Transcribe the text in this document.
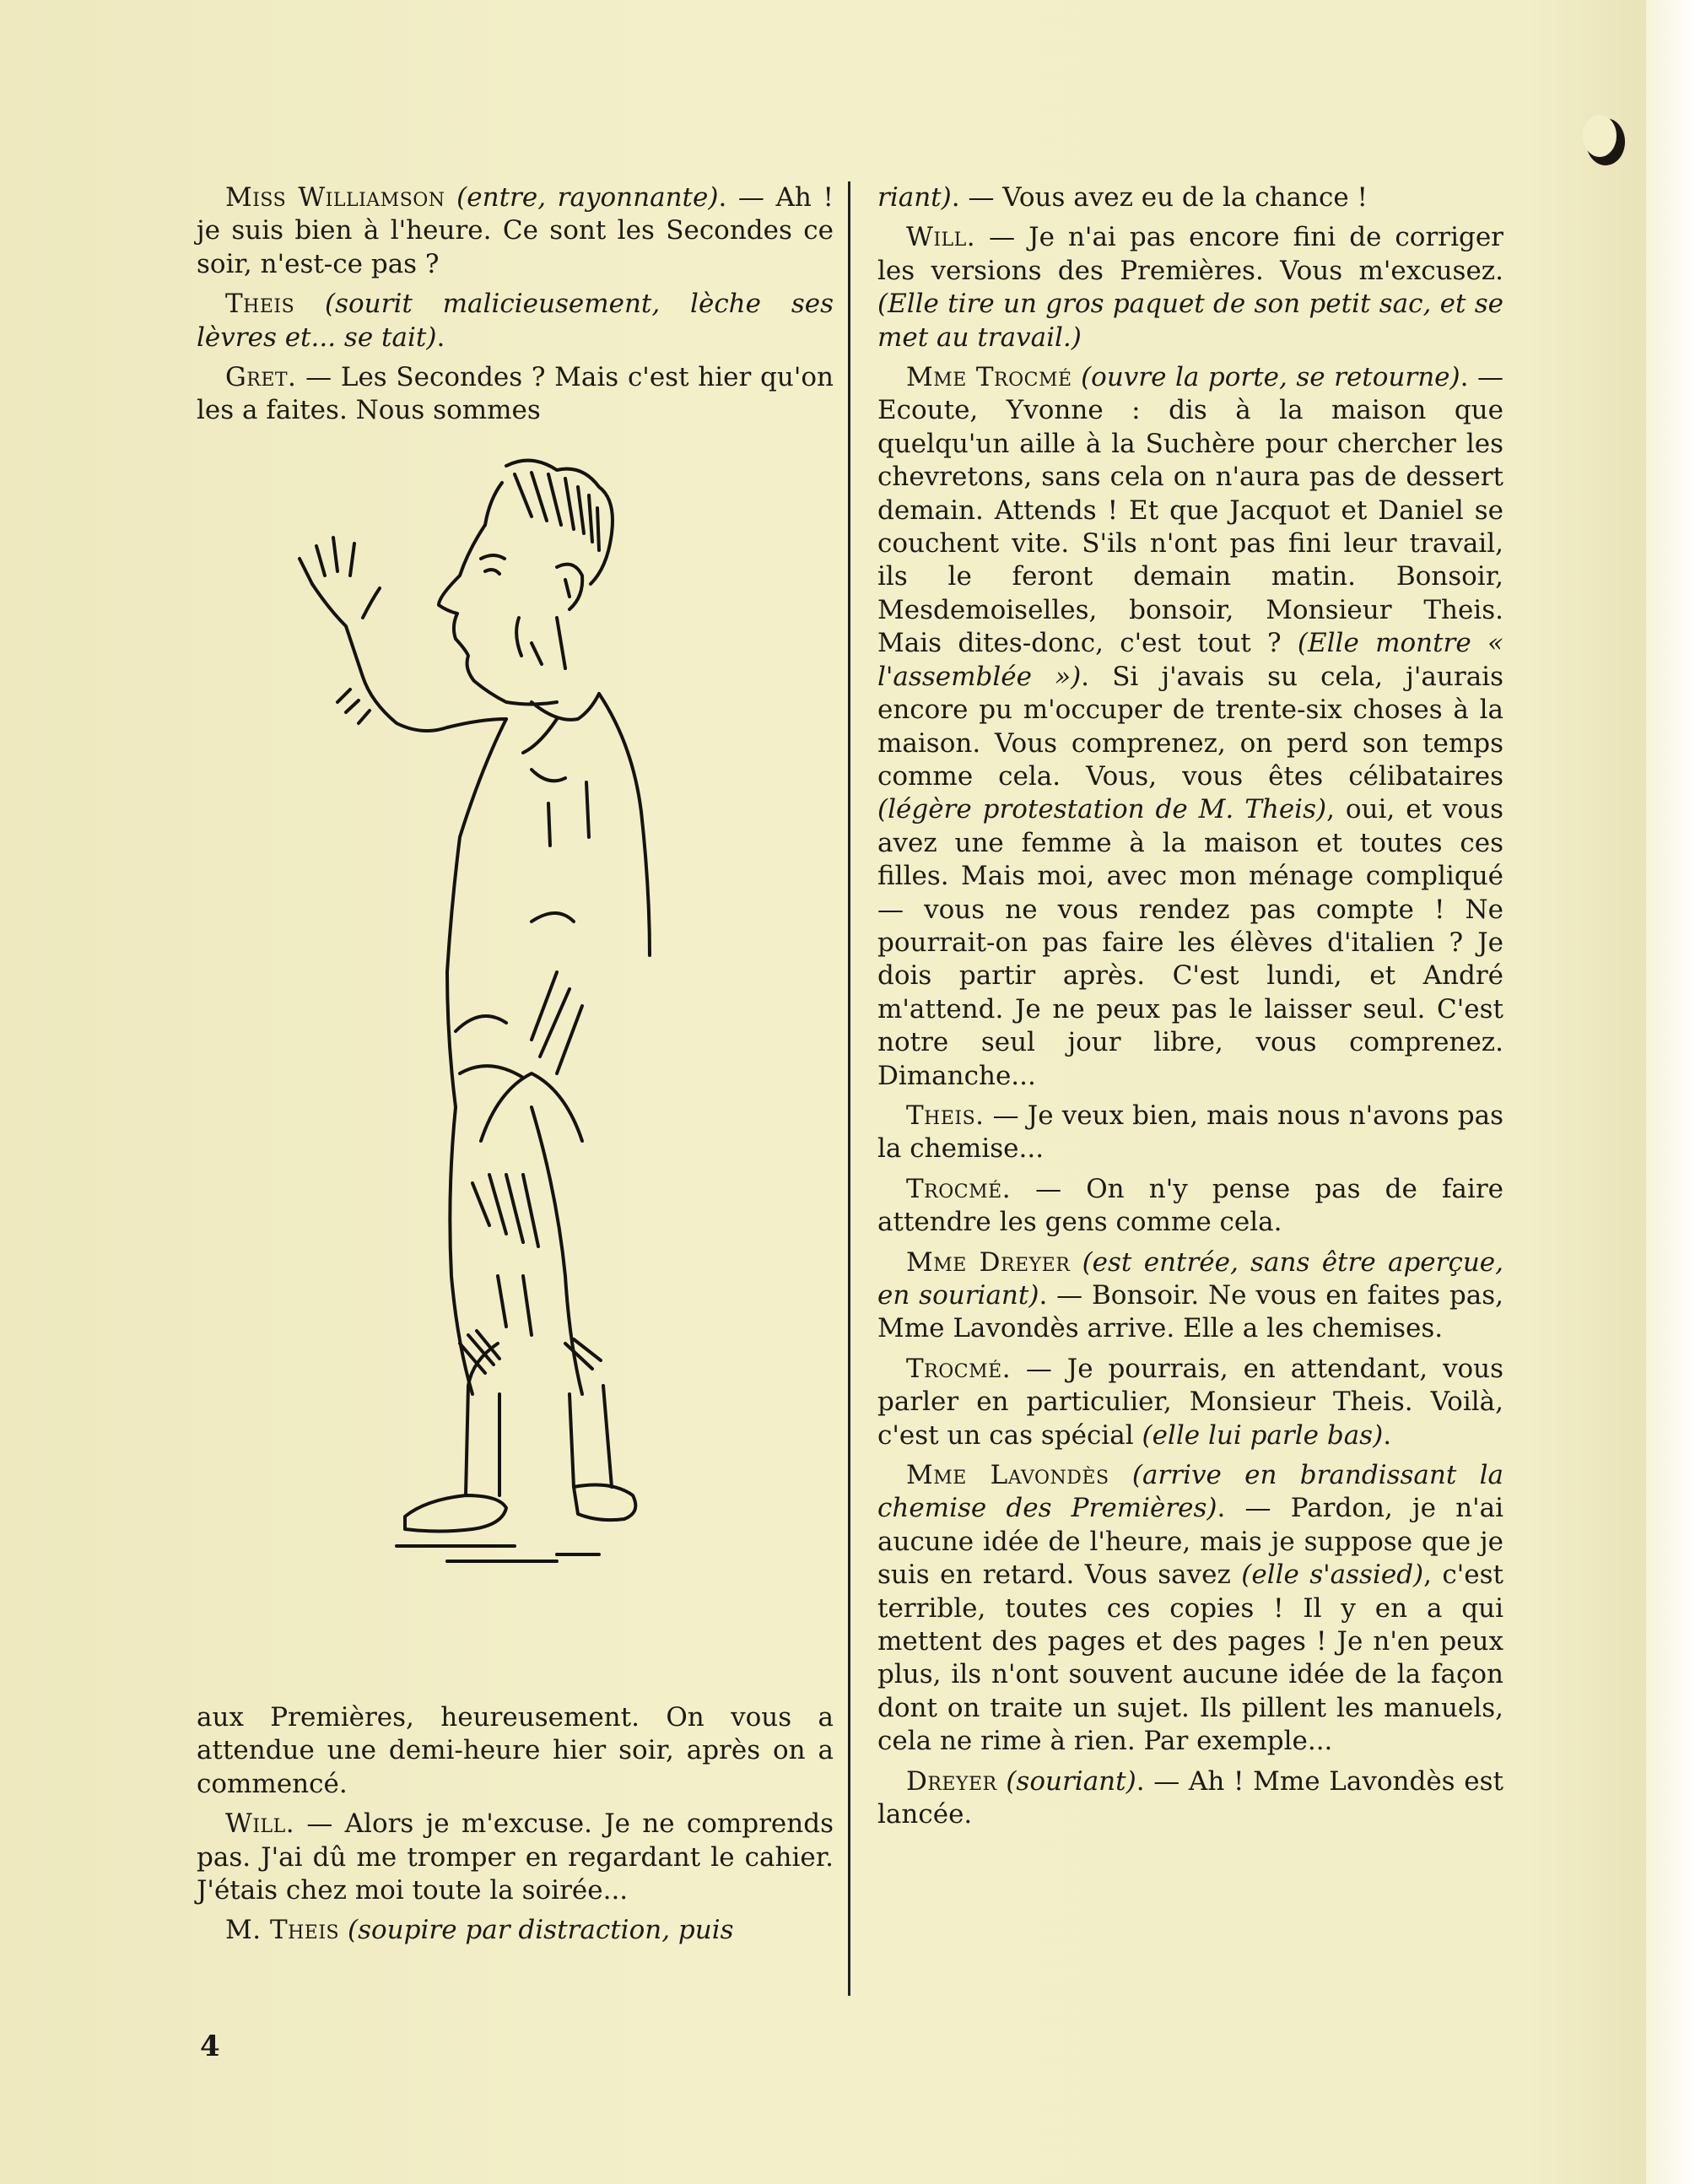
Miss Williamson (entre, rayonnante). — Ah ! je suis bien à l'heure. Ce sont les Secondes ce soir, n'est-ce pas ?

Theis (sourit malicieusement, lèche ses lèvres et... se tait).

Gret. — Les Secondes ? Mais c'est hier qu'on les a faites. Nous sommes

aux Premières, heureusement. On vous a attendue une demi-heure hier soir, après on a commencé.

Will. — Alors je m'excuse. Je ne comprends pas. J'ai dû me tromper en regardant le cahier. J'étais chez moi toute la soirée...

M. Theis (soupire par distraction, puis

riant). — Vous avez eu de la chance !

Will. — Je n'ai pas encore fini de corriger les versions des Premières. Vous m'excusez. (Elle tire un gros paquet de son petit sac, et se met au travail.)

Mme Trocmé (ouvre la porte, se retourne). — Ecoute, Yvonne : dis à la maison que quelqu'un aille à la Suchère pour chercher les chevretons, sans cela on n'aura pas de dessert demain. Attends ! Et que Jacquot et Daniel se couchent vite. S'ils n'ont pas fini leur travail, ils le feront demain matin. Bonsoir, Mesdemoiselles, bonsoir, Monsieur Theis. Mais dites-donc, c'est tout ? (Elle montre « l'assemblée »). Si j'avais su cela, j'aurais encore pu m'occuper de trente-six choses à la maison. Vous comprenez, on perd son temps comme cela. Vous, vous êtes célibataires (légère protestation de M. Theis), oui, et vous avez une femme à la maison et toutes ces filles. Mais moi, avec mon ménage compliqué — vous ne vous rendez pas compte ! Ne pourrait-on pas faire les élèves d'italien ? Je dois partir après. C'est lundi, et André m'attend. Je ne peux pas le laisser seul. C'est notre seul jour libre, vous comprenez. Dimanche...

Theis. — Je veux bien, mais nous n'avons pas la chemise...

Trocmé. — On n'y pense pas de faire attendre les gens comme cela.

Mme Dreyer (est entrée, sans être aperçue, en souriant). — Bonsoir. Ne vous en faites pas, Mme Lavondès arrive. Elle a les chemises.

Trocmé. — Je pourrais, en attendant, vous parler en particulier, Monsieur Theis. Voilà, c'est un cas spécial (elle lui parle bas).

Mme Lavondès (arrive en brandissant la chemise des Premières). — Pardon, je n'ai aucune idée de l'heure, mais je suppose que je suis en retard. Vous savez (elle s'assied), c'est terrible, toutes ces copies ! Il y en a qui mettent des pages et des pages ! Je n'en peux plus, ils n'ont souvent aucune idée de la façon dont on traite un sujet. Ils pillent les manuels, cela ne rime à rien. Par exemple...

Dreyer (souriant). — Ah ! Mme Lavondès est lancée.

4
